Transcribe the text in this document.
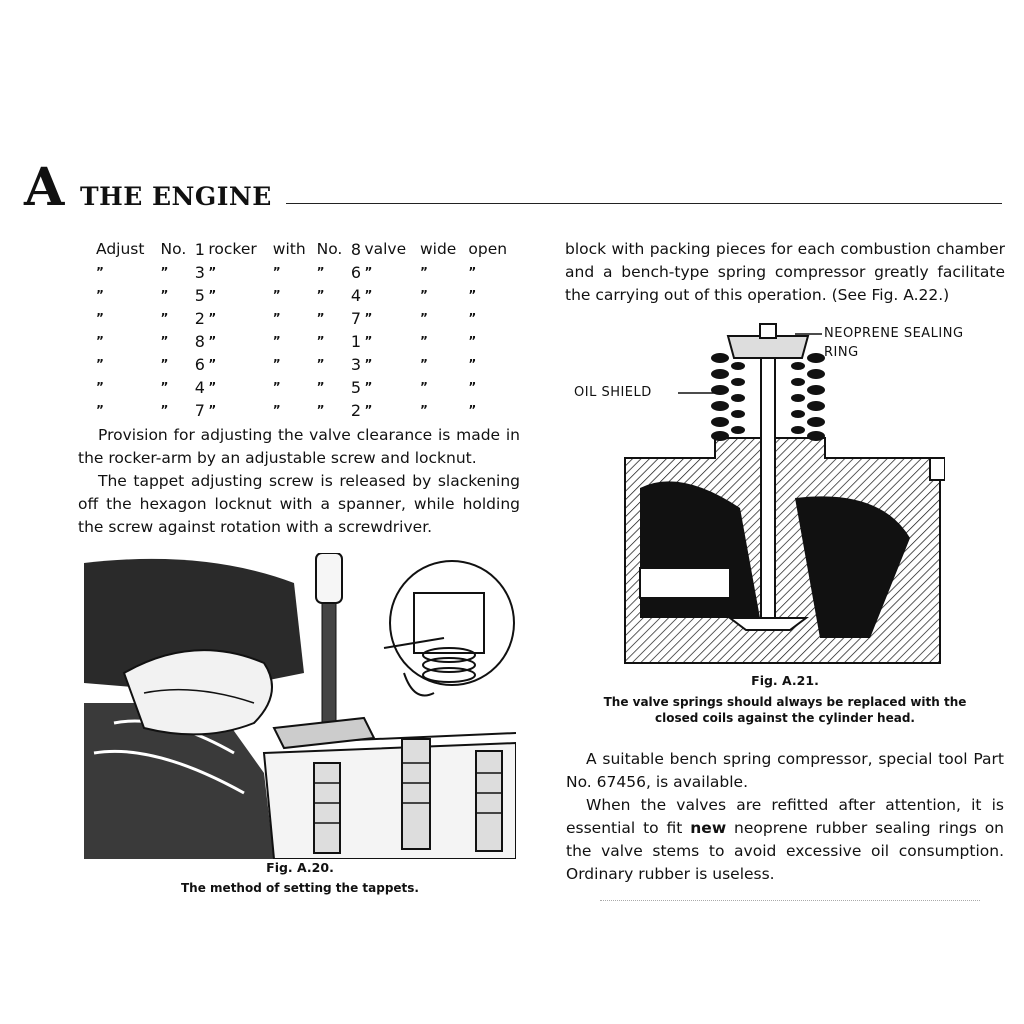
A THE ENGINE
Adjust	No.	1	rocker	with	No.	8	valve	wide	open
”	”	3	”	”	”	6	”	”	”
”	”	5	”	”	”	4	”	”	”
”	”	2	”	”	”	7	”	”	”
”	”	8	”	”	”	1	”	”	”
”	”	6	”	”	”	3	”	”	”
”	”	4	”	”	”	5	”	”	”
”	”	7	”	”	”	2	”	”	”

Provision for adjusting the valve clearance is made in the rocker-arm by an adjustable screw and locknut.

The tappet adjusting screw is released by slackening off the hexagon locknut with a spanner, while holding the screw against rotation with a screwdriver.

Fig. A.20.
The method of setting the tappets.

block with packing pieces for each combustion chamber and a bench-type spring compressor greatly facilitate the carrying out of this operation. (See Fig. A.22.)

NEOPRENE SEALING
RING
OIL SHIELD
Fig. A.21.
The valve springs should always be replaced with the
closed coils against the cylinder head.

A suitable bench spring compressor, special tool Part No. 67456, is available.

When the valves are refitted after attention, it is essential to fit new neoprene rubber sealing rings on the valve stems to avoid excessive oil consumption. Ordinary rubber is useless.
